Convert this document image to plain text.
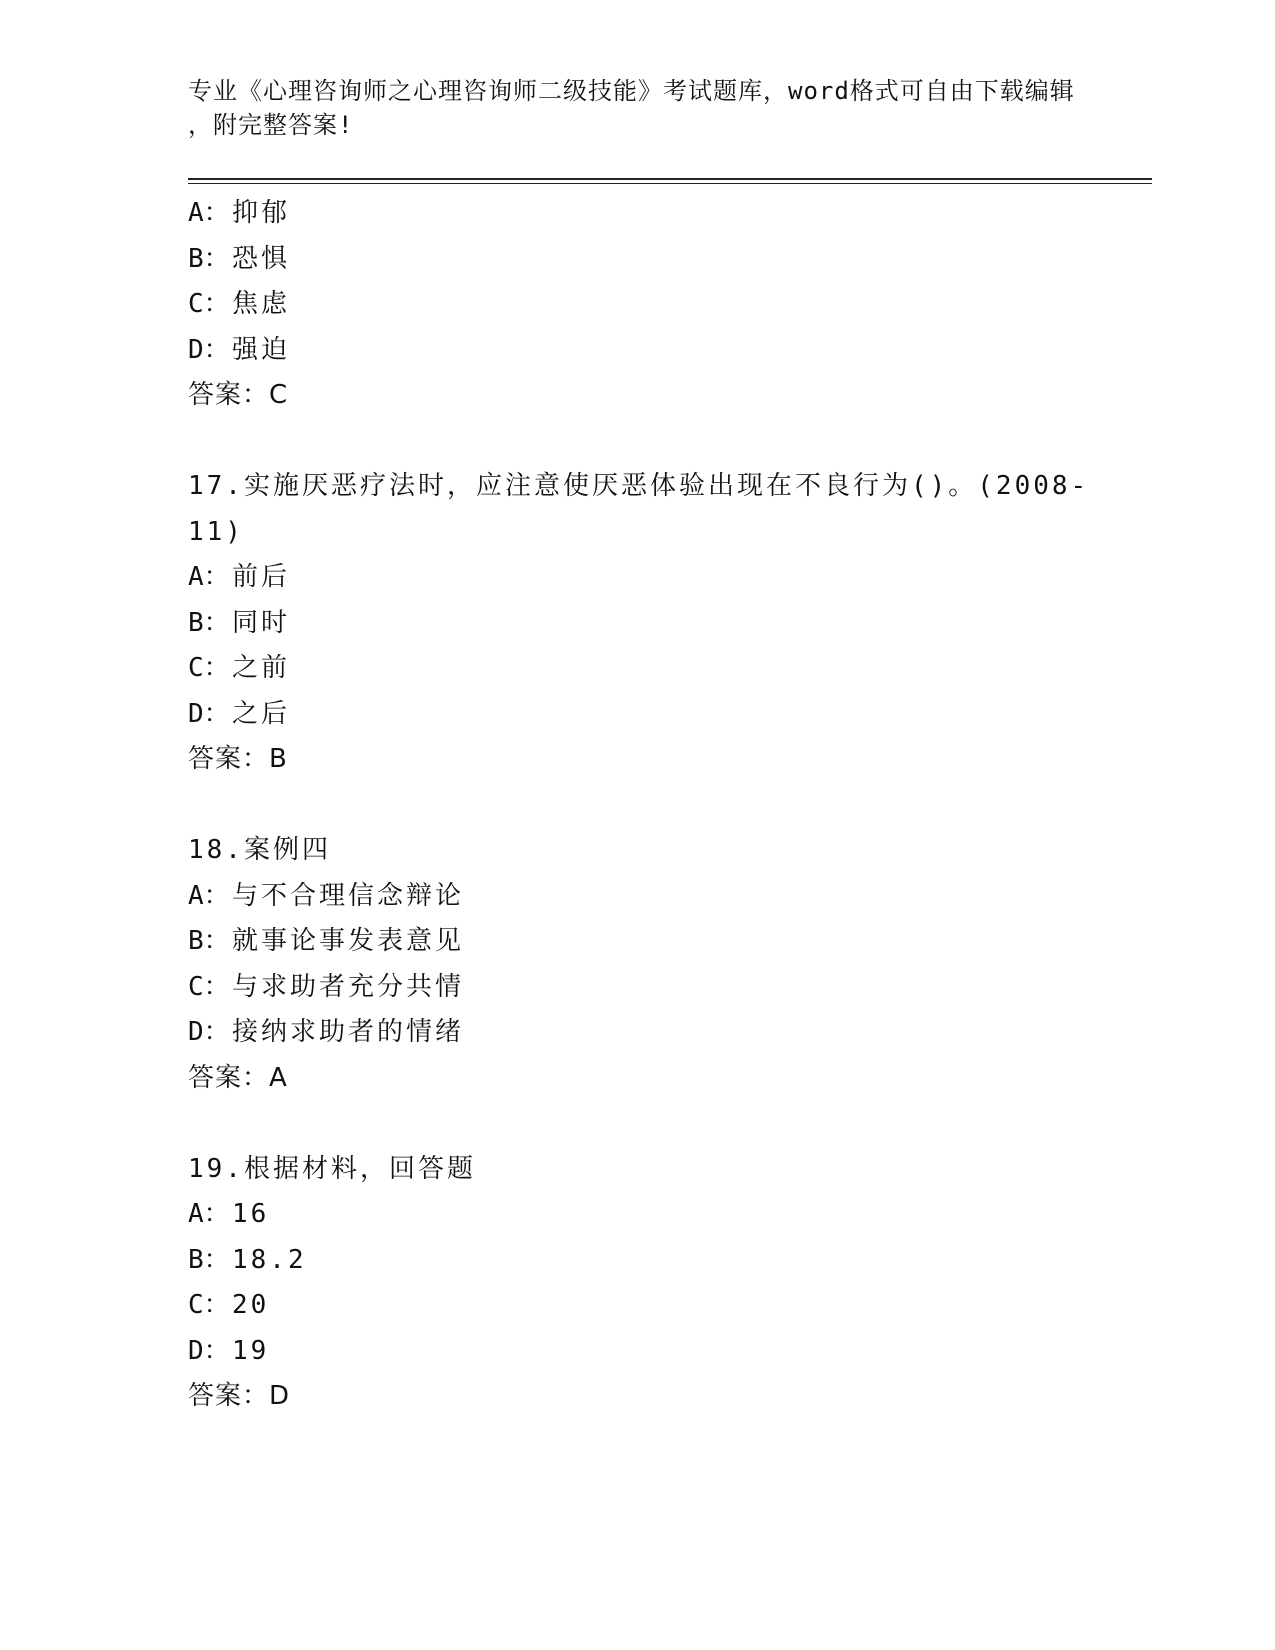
专业《心理咨询师之心理咨询师二级技能》考试题库，word格式可自由下载编辑
，附完整答案!
A：抑郁
B：恐惧
C：焦虑
D：强迫
答案：C
17.实施厌恶疗法时，应注意使厌恶体验出现在不良行为()。(2008-
11)
A：前后
B：同时
C：之前
D：之后
答案：B
18.案例四
A：与不合理信念辩论
B：就事论事发表意见
C：与求助者充分共情
D：接纳求助者的情绪
答案：A
19.根据材料，回答题
A：16
B：18.2
C：20
D：19
答案：D
